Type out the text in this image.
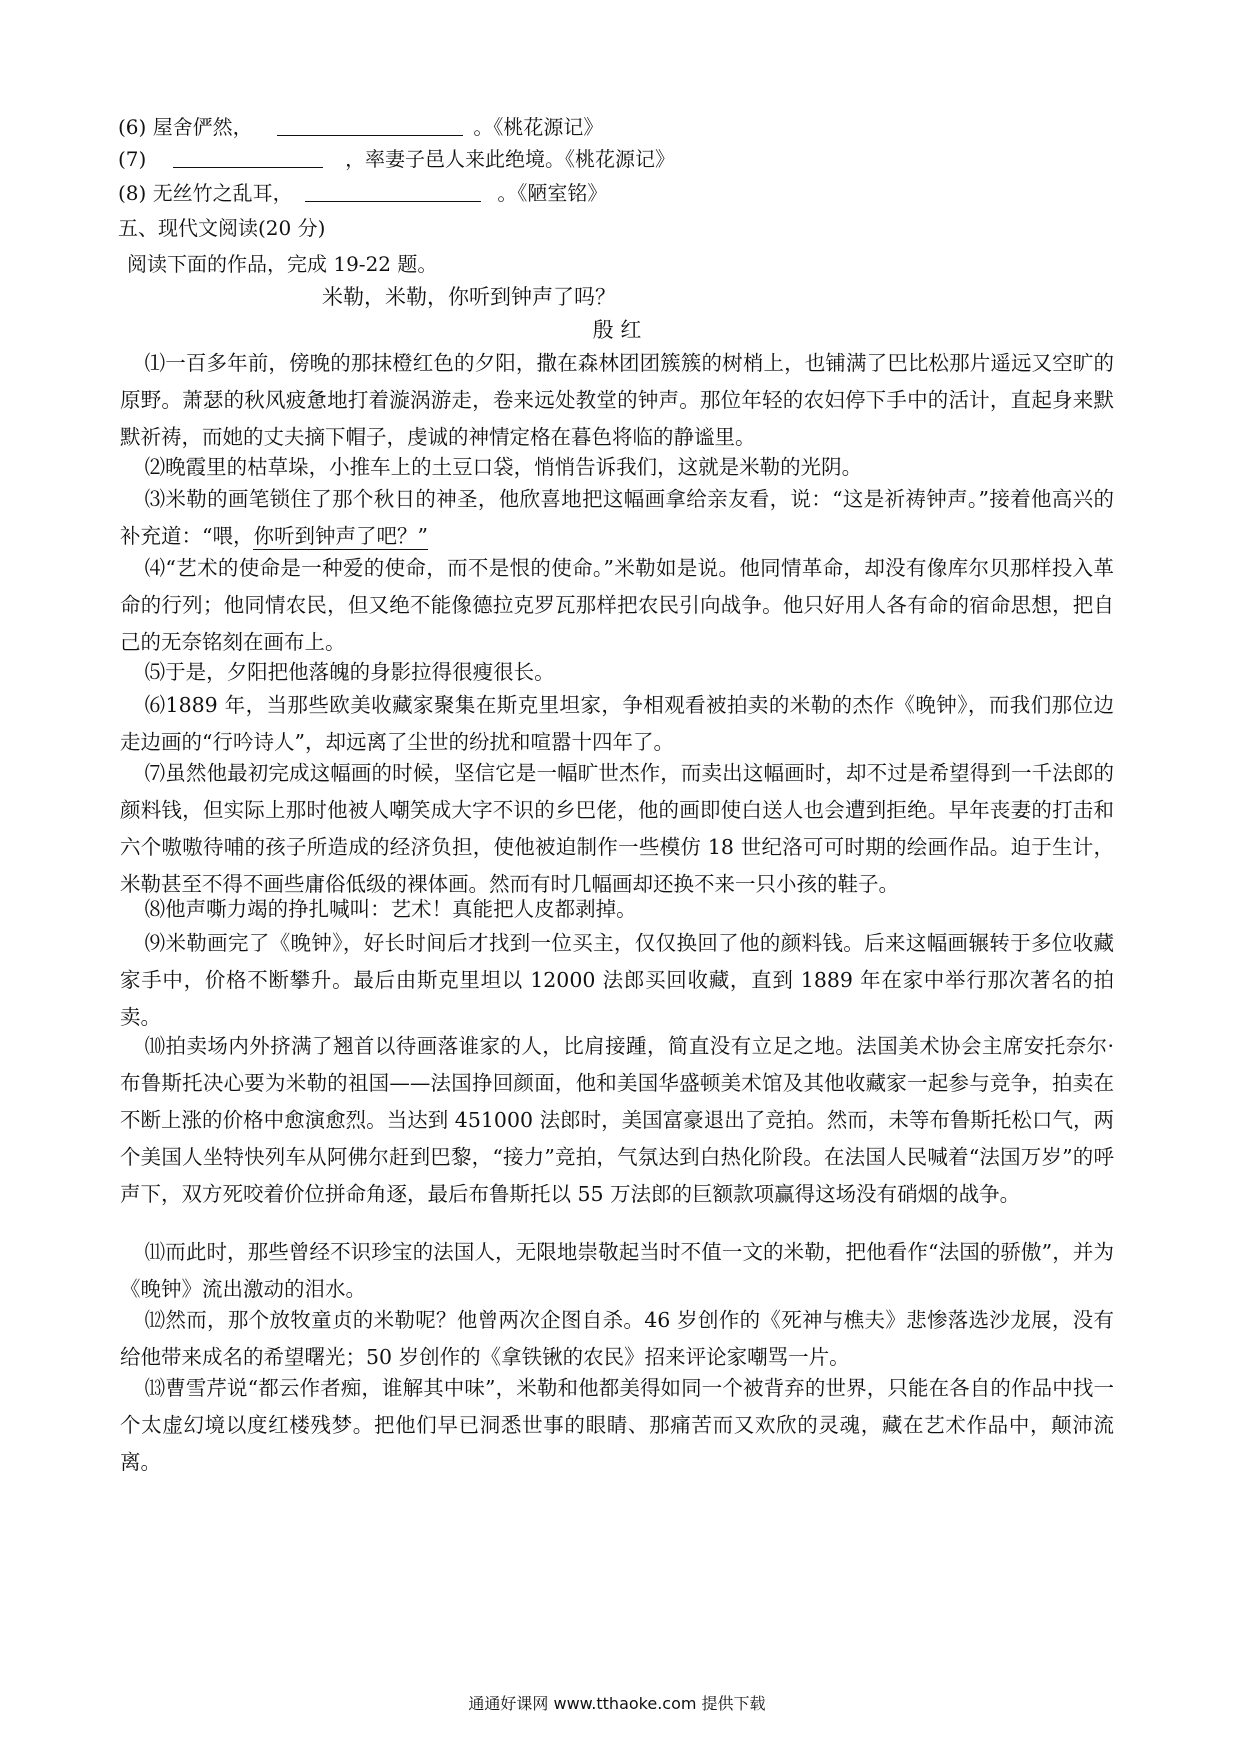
(6) 屋舍俨然，	。《桃花源记》
(7)	，率妻子邑人来此绝境。《桃花源记》
(8) 无丝竹之乱耳，	。《陋室铭》
五、现代文阅读(20 分)
阅读下面的作品，完成 19-22 题。
米勒，米勒，你听到钟声了吗？
殷 红

⑴一百多年前，傍晚的那抹橙红色的夕阳，撒在森林团团簇簇的树梢上，也铺满了巴比松那片遥远又空旷的原野。萧瑟的秋风疲惫地打着漩涡游走，卷来远处教堂的钟声。那位年轻的农妇停下手中的活计，直起身来默默祈祷，而她的丈夫摘下帽子，虔诚的神情定格在暮色将临的静谧里。

⑵晚霞里的枯草垛，小推车上的土豆口袋，悄悄告诉我们，这就是米勒的光阴。

⑶米勒的画笔锁住了那个秋日的神圣，他欣喜地把这幅画拿给亲友看，说：“这是祈祷钟声。”接着他高兴的补充道：“喂，你听到钟声了吧？”

⑷“艺术的使命是一种爱的使命，而不是恨的使命。”米勒如是说。他同情革命，却没有像库尔贝那样投入革命的行列；他同情农民，但又绝不能像德拉克罗瓦那样把农民引向战争。他只好用人各有命的宿命思想，把自己的无奈铭刻在画布上。

⑸于是，夕阳把他落魄的身影拉得很瘦很长。

⑹1889 年，当那些欧美收藏家聚集在斯克里坦家，争相观看被拍卖的米勒的杰作《晚钟》，而我们那位边走边画的“行吟诗人”，却远离了尘世的纷扰和喧嚣十四年了。

⑺虽然他最初完成这幅画的时候，坚信它是一幅旷世杰作，而卖出这幅画时，却不过是希望得到一千法郎的颜料钱，但实际上那时他被人嘲笑成大字不识的乡巴佬，他的画即使白送人也会遭到拒绝。早年丧妻的打击和六个嗷嗷待哺的孩子所造成的经济负担，使他被迫制作一些模仿 18 世纪洛可可时期的绘画作品。迫于生计，米勒甚至不得不画些庸俗低级的裸体画。然而有时几幅画却还换不来一只小孩的鞋子。

⑻他声嘶力竭的挣扎喊叫：艺术！真能把人皮都剥掉。

⑼米勒画完了《晚钟》，好长时间后才找到一位买主，仅仅换回了他的颜料钱。后来这幅画辗转于多位收藏家手中，价格不断攀升。最后由斯克里坦以 12000 法郎买回收藏，直到 1889 年在家中举行那次著名的拍卖。

⑽拍卖场内外挤满了翘首以待画落谁家的人，比肩接踵，简直没有立足之地。法国美术协会主席安托奈尔·布鲁斯托决心要为米勒的祖国——法国挣回颜面，他和美国华盛顿美术馆及其他收藏家一起参与竞争，拍卖在不断上涨的价格中愈演愈烈。当达到 451000 法郎时，美国富豪退出了竞拍。然而，未等布鲁斯托松口气，两个美国人坐特快列车从阿佛尔赶到巴黎，“接力”竞拍，气氛达到白热化阶段。在法国人民喊着“法国万岁”的呼声下，双方死咬着价位拼命角逐，最后布鲁斯托以 55 万法郎的巨额款项赢得这场没有硝烟的战争。

⑾而此时，那些曾经不识珍宝的法国人，无限地崇敬起当时不值一文的米勒，把他看作“法国的骄傲”，并为《晚钟》流出激动的泪水。

⑿然而，那个放牧童贞的米勒呢？他曾两次企图自杀。46 岁创作的《死神与樵夫》悲惨落选沙龙展，没有给他带来成名的希望曙光；50 岁创作的《拿铁锹的农民》招来评论家嘲骂一片。

⒀曹雪芹说“都云作者痴，谁解其中味”，米勒和他都美得如同一个被背弃的世界，只能在各自的作品中找一个太虚幻境以度红楼残梦。把他们早已洞悉世事的眼睛、那痛苦而又欢欣的灵魂，藏在艺术作品中，颠沛流离。

通通好课网 www.tthaoke.com 提供下载
